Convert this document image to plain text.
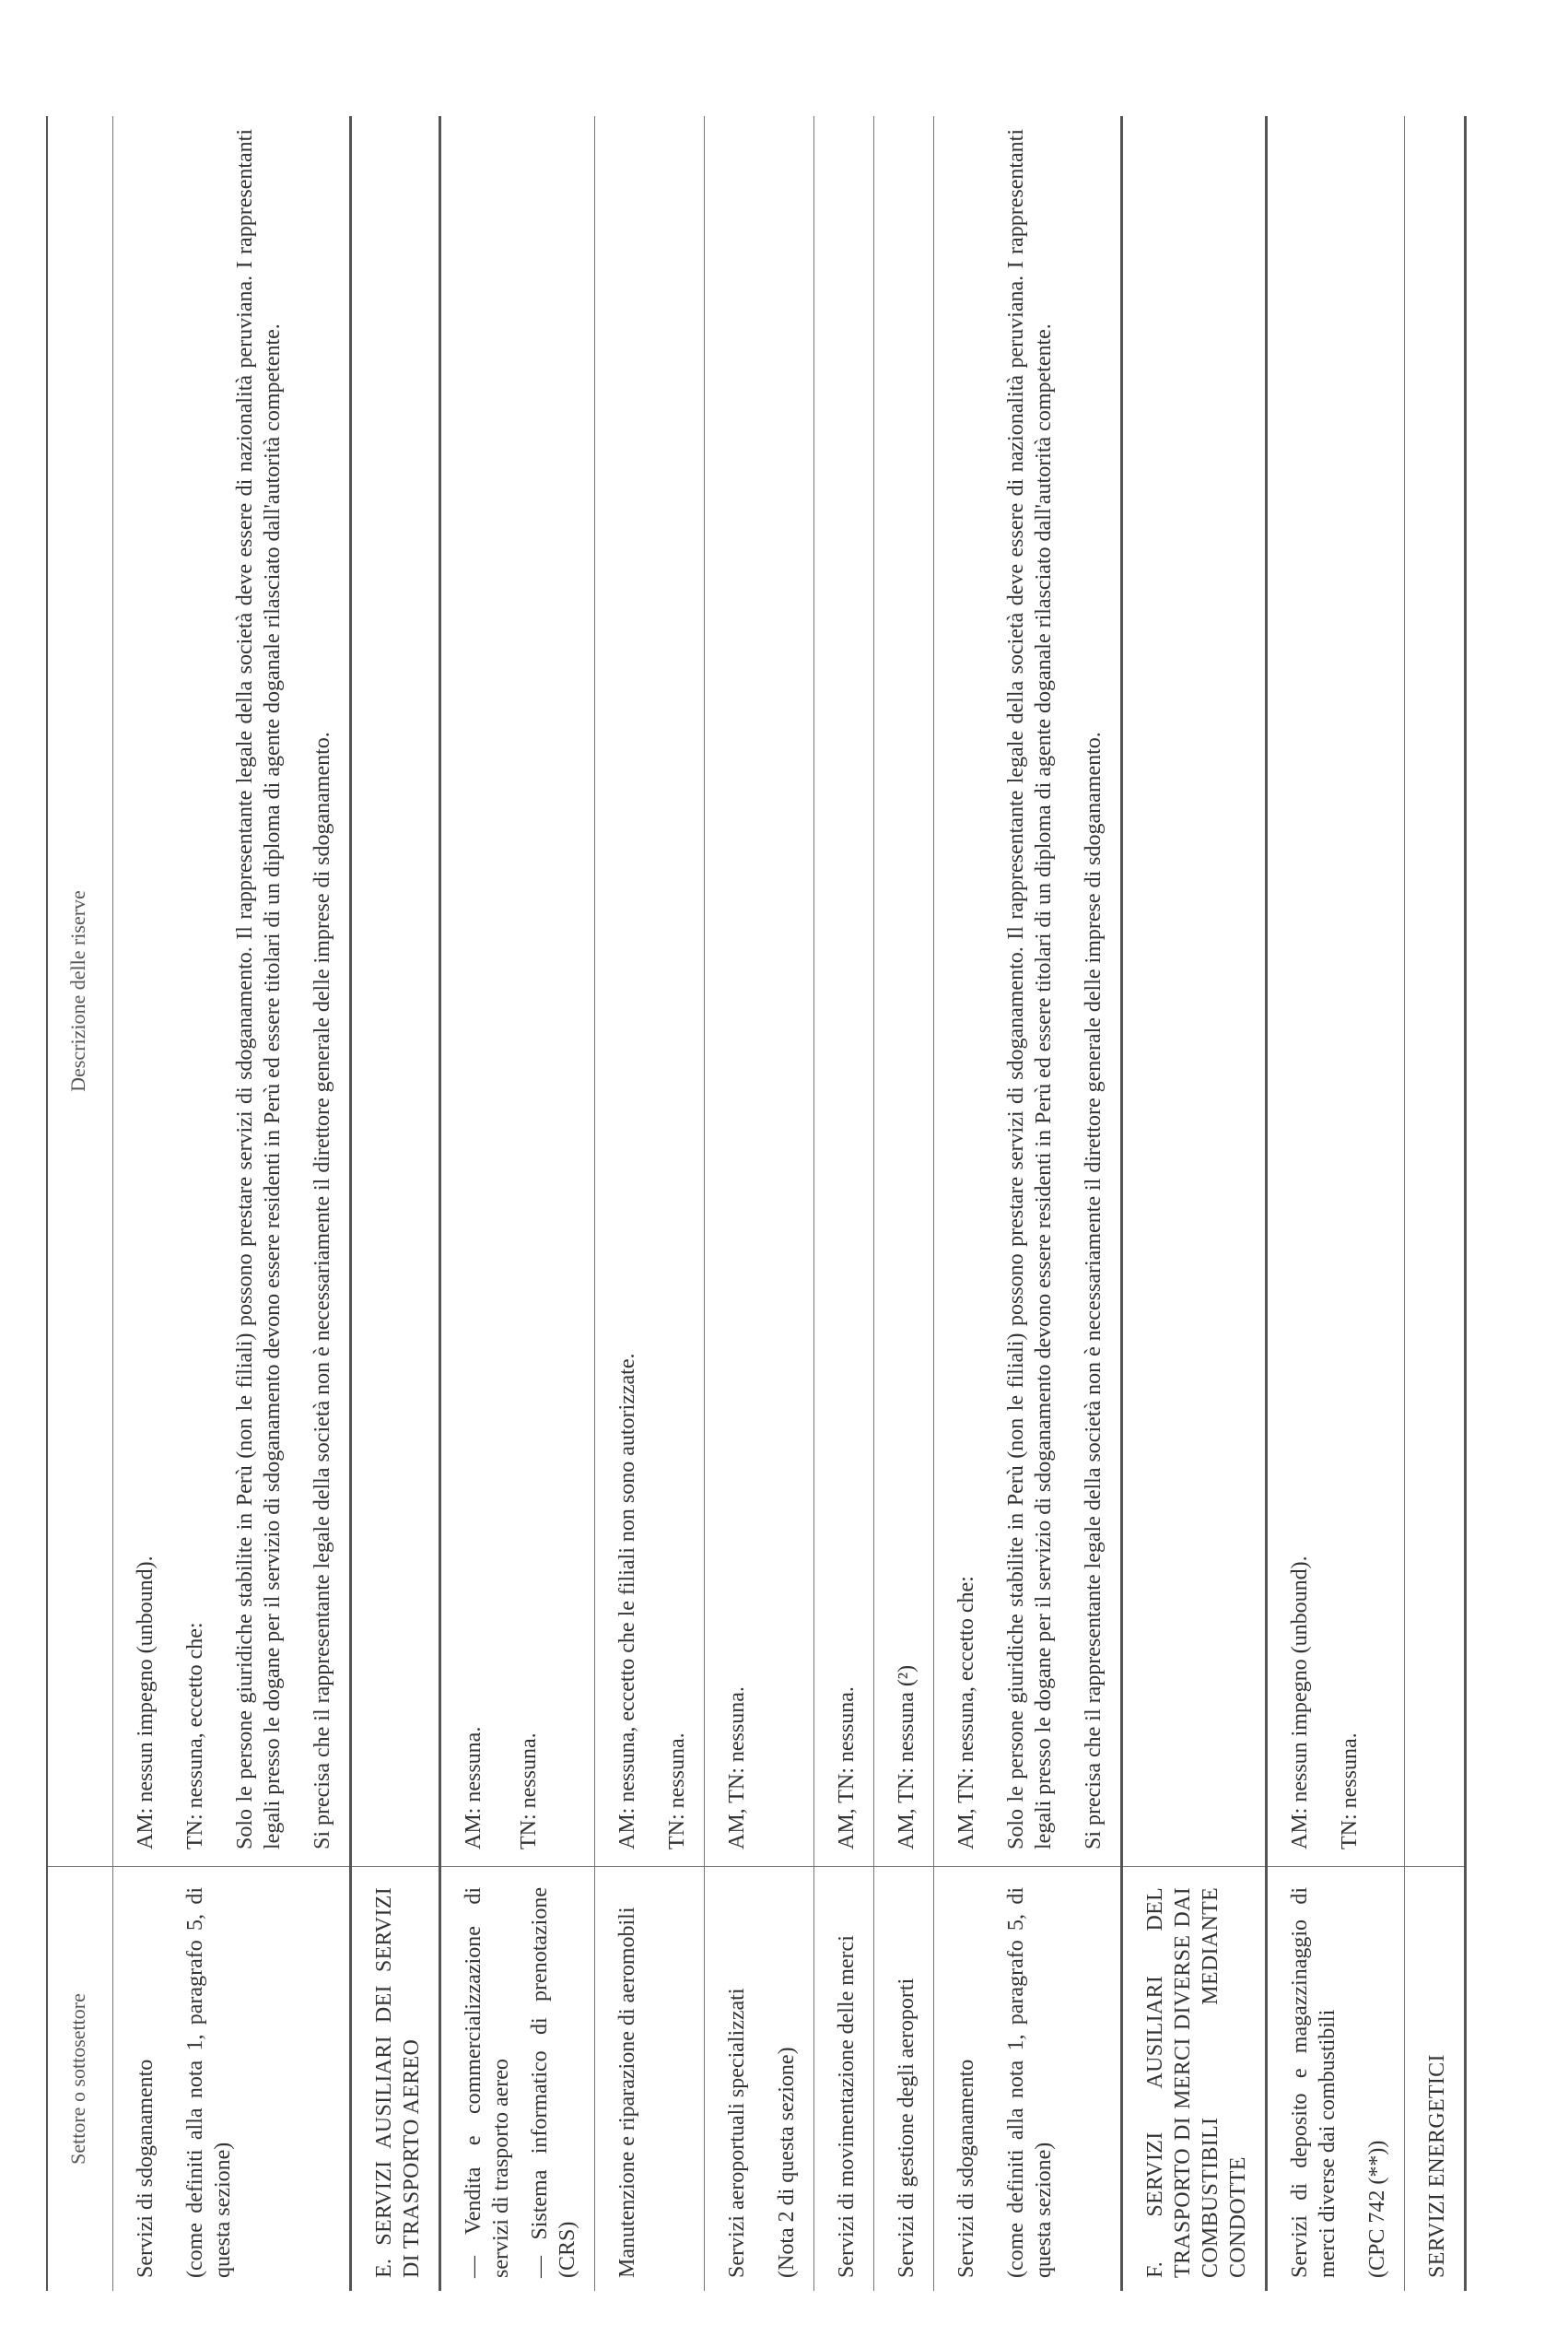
Settore o sottosettore
Descrizione delle riserve

Servizi di sdoganamento (come definiti alla nota 1, paragrafo 5, di questa sezione)

AM: nessun impegno (unbound). TN: nessuna, eccetto che: Solo le persone giuridiche stabilite in Perù (non le filiali) possono prestare servizi di sdoganamento. Il rappresentante legale della società deve essere di nazionalità peruviana. I rappresentanti legali presso le dogane per il servizio di sdoganamento devono essere residenti in Perù ed essere titolari di un diploma di agente doganale rilasciato dall'autorità competente. Si precisa che il rappresentante legale della società non è necessariamente il direttore generale delle imprese di sdoganamento.

E. SERVIZI AUSILIARI DEI SERVIZI DI TRASPORTO AEREO — Vendita e commercializzazione di servizi di trasporto aereo — Sistema informatico di prenotazione (CRS)

AM: nessuna. TN: nessuna.

Manutenzione e riparazione di aeromobili

AM: nessuna, eccetto che le filiali non sono autorizzate. TN: nessuna.

Servizi aeroportuali specializzati (Nota 2 di questa sezione)

AM, TN: nessuna.

Servizi di movimentazione delle merci

AM, TN: nessuna.

Servizi di gestione degli aeroporti

AM, TN: nessuna (²)

Servizi di sdoganamento (come definiti alla nota 1, paragrafo 5, di questa sezione)

AM, TN: nessuna, eccetto che: Solo le persone giuridiche stabilite in Perù (non le filiali) possono prestare servizi di sdoganamento. Il rappresentante legale della società deve essere di nazionalità peruviana. I rappresentanti legali presso le dogane per il servizio di sdoganamento devono essere residenti in Perù ed essere titolari di un diploma di agente doganale rilasciato dall'autorità competente. Si precisa che il rappresentante legale della società non è necessariamente il direttore generale delle imprese di sdoganamento.

F. SERVIZI AUSILIARI DEL TRASPORTO DI MERCI DIVERSE DAI COMBUSTIBILI MEDIANTE CONDOTTE Servizi di deposito e magazzinaggio di merci diverse dai combustibili (CPC 742 (**))

AM: nessun impegno (unbound). TN: nessuna.

SERVIZI ENERGETICI
